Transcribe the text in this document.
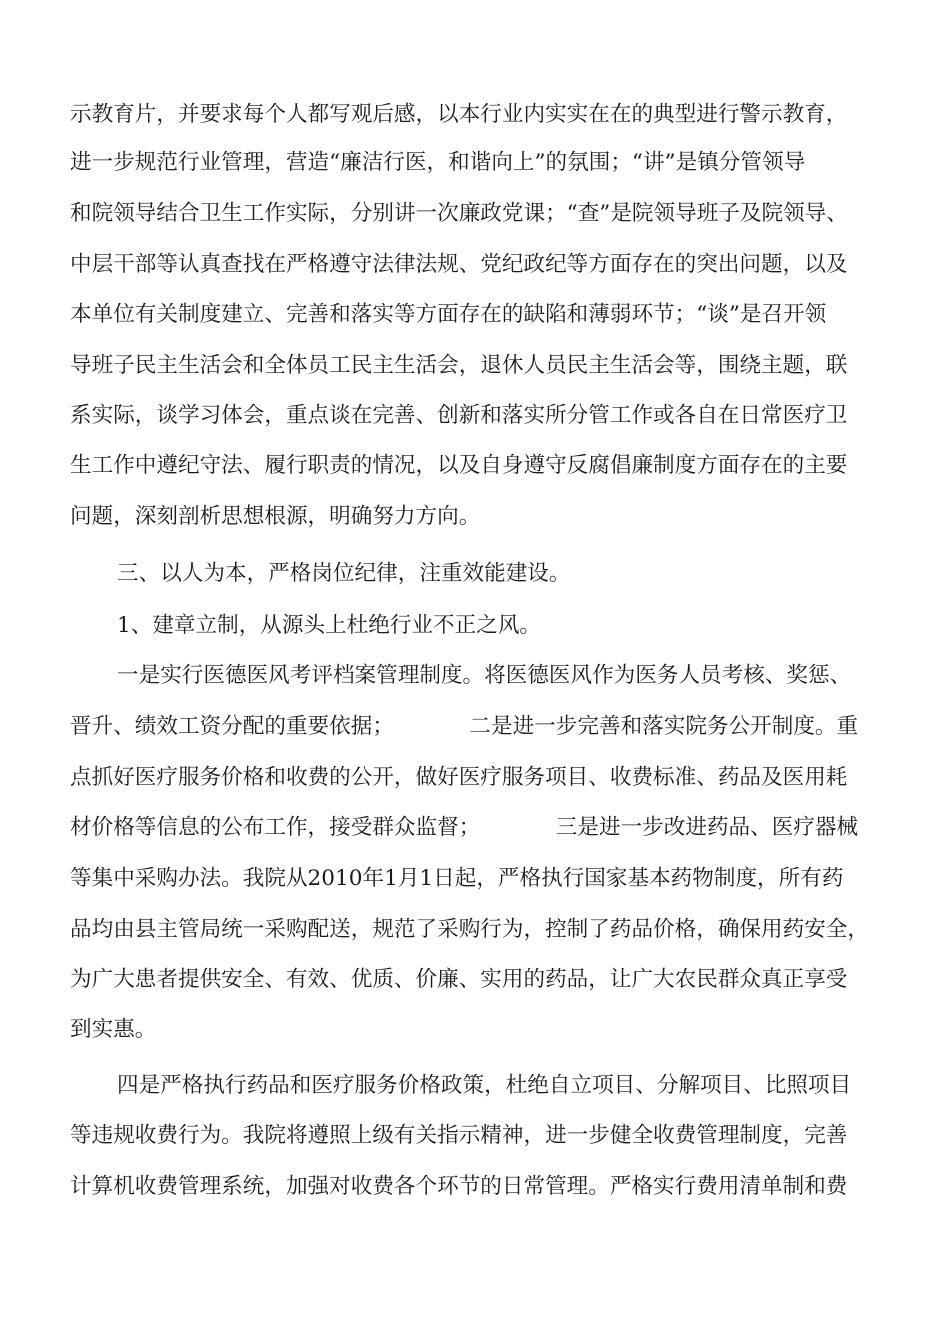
示教育片，并要求每个人都写观后感，以本行业内实实在在的典型进行警示教育，
进一步规范行业管理，营造“廉洁行医，和谐向上”的氛围；“讲”是镇分管领导
和院领导结合卫生工作实际，分别讲一次廉政党课；“查”是院领导班子及院领导、
中层干部等认真查找在严格遵守法律法规、党纪政纪等方面存在的突出问题，以及
本单位有关制度建立、完善和落实等方面存在的缺陷和薄弱环节；“谈”是召开领
导班子民主生活会和全体员工民主生活会，退休人员民主生活会等，围绕主题，联
系实际，谈学习体会，重点谈在完善、创新和落实所分管工作或各自在日常医疗卫
生工作中遵纪守法、履行职责的情况，以及自身遵守反腐倡廉制度方面存在的主要
问题，深刻剖析思想根源，明确努力方向。
三、以人为本，严格岗位纪律，注重效能建设。
1、建章立制，从源头上杜绝行业不正之风。
一是实行医德医风考评档案管理制度。将医德医风作为医务人员考核、奖惩、
晋升、绩效工资分配的重要依据；           二是进一步完善和落实院务公开制度。重
点抓好医疗服务价格和收费的公开，做好医疗服务项目、收费标准、药品及医用耗
材价格等信息的公布工作，接受群众监督；           三是进一步改进药品、医疗器械
等集中采购办法。我院从2010年1月1日起，严格执行国家基本药物制度，所有药
品均由县主管局统一采购配送，规范了采购行为，控制了药品价格，确保用药安全，
为广大患者提供安全、有效、优质、价廉、实用的药品，让广大农民群众真正享受
到实惠。
四是严格执行药品和医疗服务价格政策，杜绝自立项目、分解项目、比照项目
等违规收费行为。我院将遵照上级有关指示精神，进一步健全收费管理制度，完善
计算机收费管理系统，加强对收费各个环节的日常管理。严格实行费用清单制和费
